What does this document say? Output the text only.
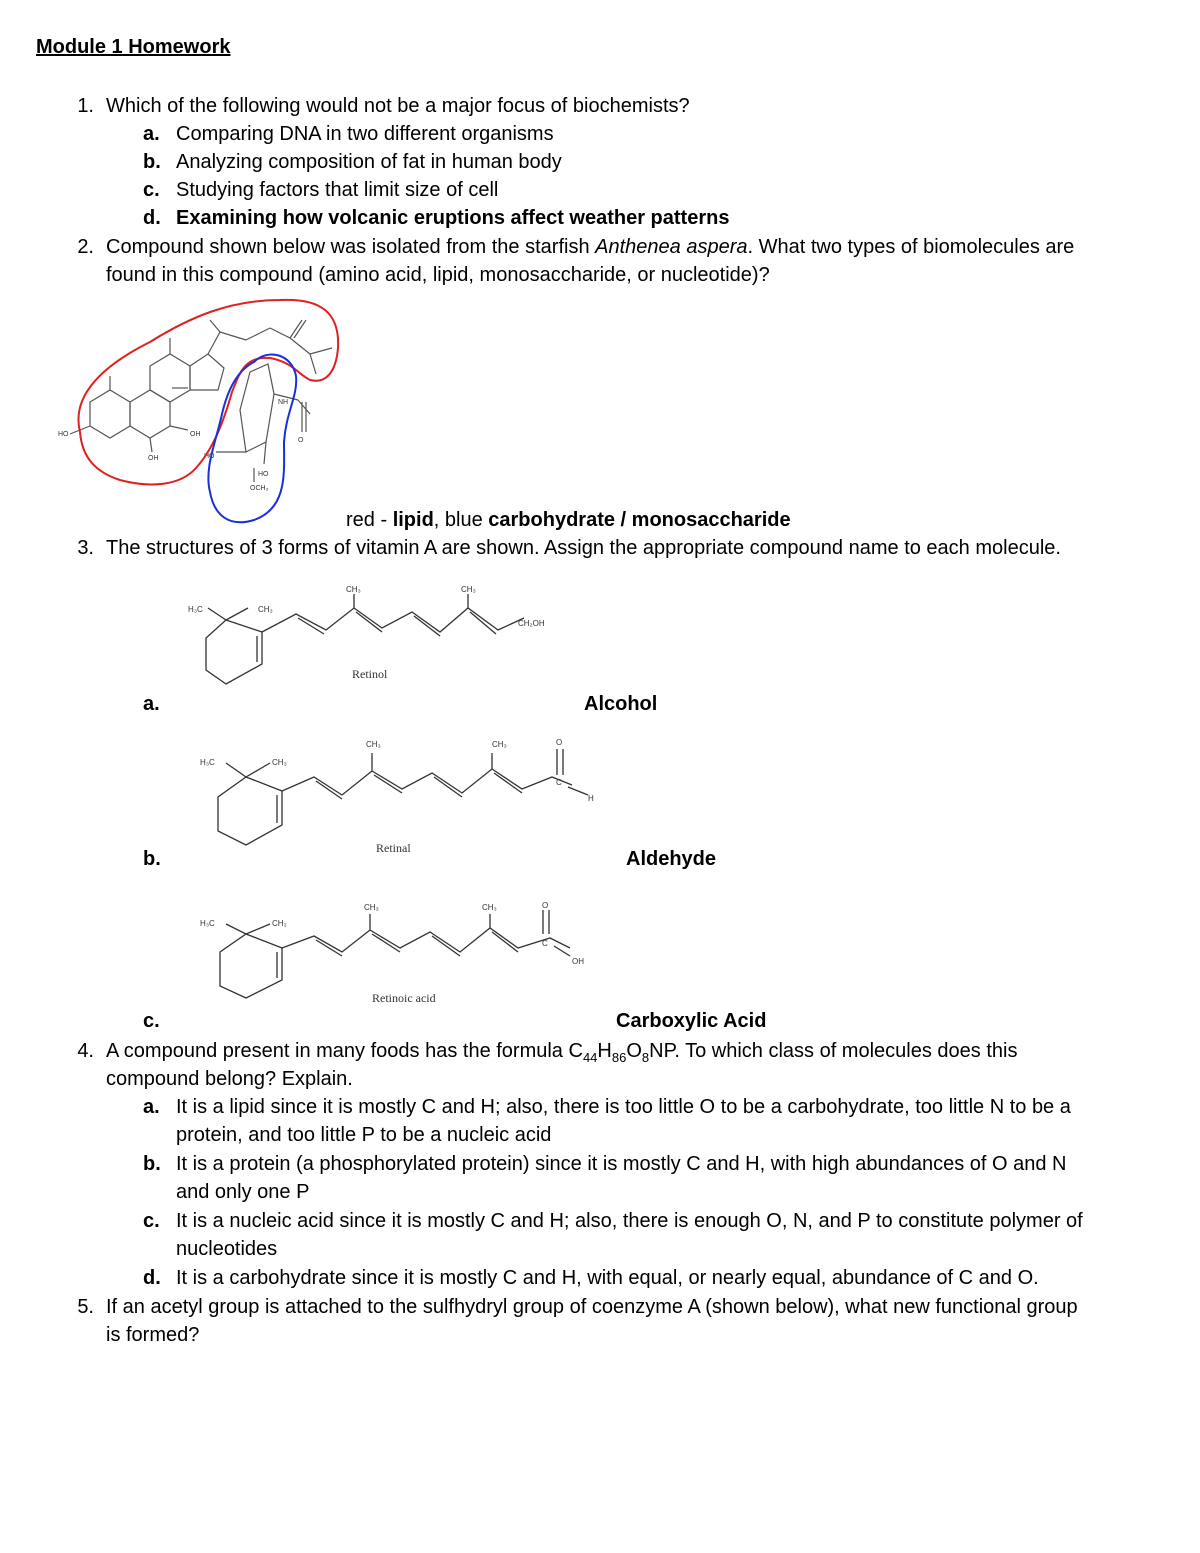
Module 1 Homework
1. Which of the following would not be a major focus of biochemists?
a. Comparing DNA in two different organisms
b. Analyzing composition of fat in human body
c. Studying factors that limit size of cell
d. Examining how volcanic eruptions affect weather patterns
2. Compound shown below was isolated from the starfish Anthenea aspera. What two types of biomolecules are
found in this compound (amino acid, lipid, monosaccharide, or nucleotide)?
HO
OH
OH
HO
HO
OCH₃
NH
O
red - lipid, blue carbohydrate / monosaccharide
3. The structures of 3 forms of vitamin A are shown. Assign the appropriate compound name to each molecule.
H₃C	CH₃
CH₃	CH₃
CH₂OH
Retinol
a.	Alcohol
H₃C	CH₃
CH₃	CH₃	O
C
H
Retinal
b.	Aldehyde
H₃C	CH₃
CH₃	CH₃	O
C
OH
Retinoic acid
c.	Carboxylic Acid
4. A compound present in many foods has the formula $C_{44}H_{86}O_8NP$. To which class of molecules does this
compound belong? Explain.
a. It is a lipid since it is mostly C and H; also, there is too little O to be a carbohydrate, too little N to be a
protein, and too little P to be a nucleic acid
b. It is a protein (a phosphorylated protein) since it is mostly C and H, with high abundances of O and N
and only one P
c. It is a nucleic acid since it is mostly C and H; also, there is enough O, N, and P to constitute polymer of
nucleotides
d. It is a carbohydrate since it is mostly C and H, with equal, or nearly equal, abundance of C and O.
5. If an acetyl group is attached to the sulfhydryl group of coenzyme A (shown below), what new functional group
is formed?
